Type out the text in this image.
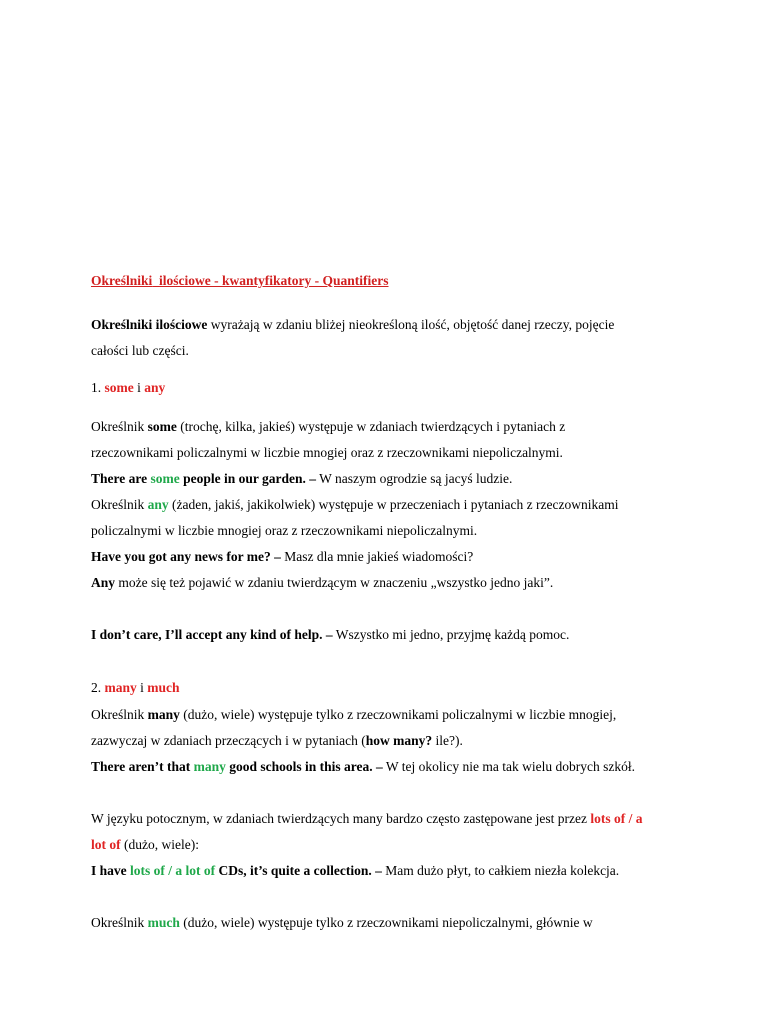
Określniki ilościowe - kwantyfikatory - Quantifiers
Określniki ilościowe wyrażają w zdaniu bliżej nieokreśloną ilość, objętość danej rzeczy, pojęcie
całości lub części.
1. some i any
Określnik some (trochę, kilka, jakieś) występuje w zdaniach twierdzących i pytaniach z
rzeczownikami policzalnymi w liczbie mnogiej oraz z rzeczownikami niepoliczalnymi.
There are some people in our garden. – W naszym ogrodzie są jacyś ludzie.
Określnik any (żaden, jakiś, jakikolwiek) występuje w przeczeniach i pytaniach z rzeczownikami
policzalnymi w liczbie mnogiej oraz z rzeczownikami niepoliczalnymi.
Have you got any news for me? – Masz dla mnie jakieś wiadomości?
Any może się też pojawić w zdaniu twierdzącym w znaczeniu „wszystko jedno jaki”.
I don’t care, I’ll accept any kind of help. – Wszystko mi jedno, przyjmę każdą pomoc.
2. many i much
Określnik many (dużo, wiele) występuje tylko z rzeczownikami policzalnymi w liczbie mnogiej,
zazwyczaj w zdaniach przeczących i w pytaniach (how many? ile?).
There aren’t that many good schools in this area. – W tej okolicy nie ma tak wielu dobrych szkół.
W języku potocznym, w zdaniach twierdzących many bardzo często zastępowane jest przez lots of / a
lot of (dużo, wiele):
I have lots of / a lot of CDs, it’s quite a collection. – Mam dużo płyt, to całkiem niezła kolekcja.
Określnik much (dużo, wiele) występuje tylko z rzeczownikami niepoliczalnymi, głównie w
